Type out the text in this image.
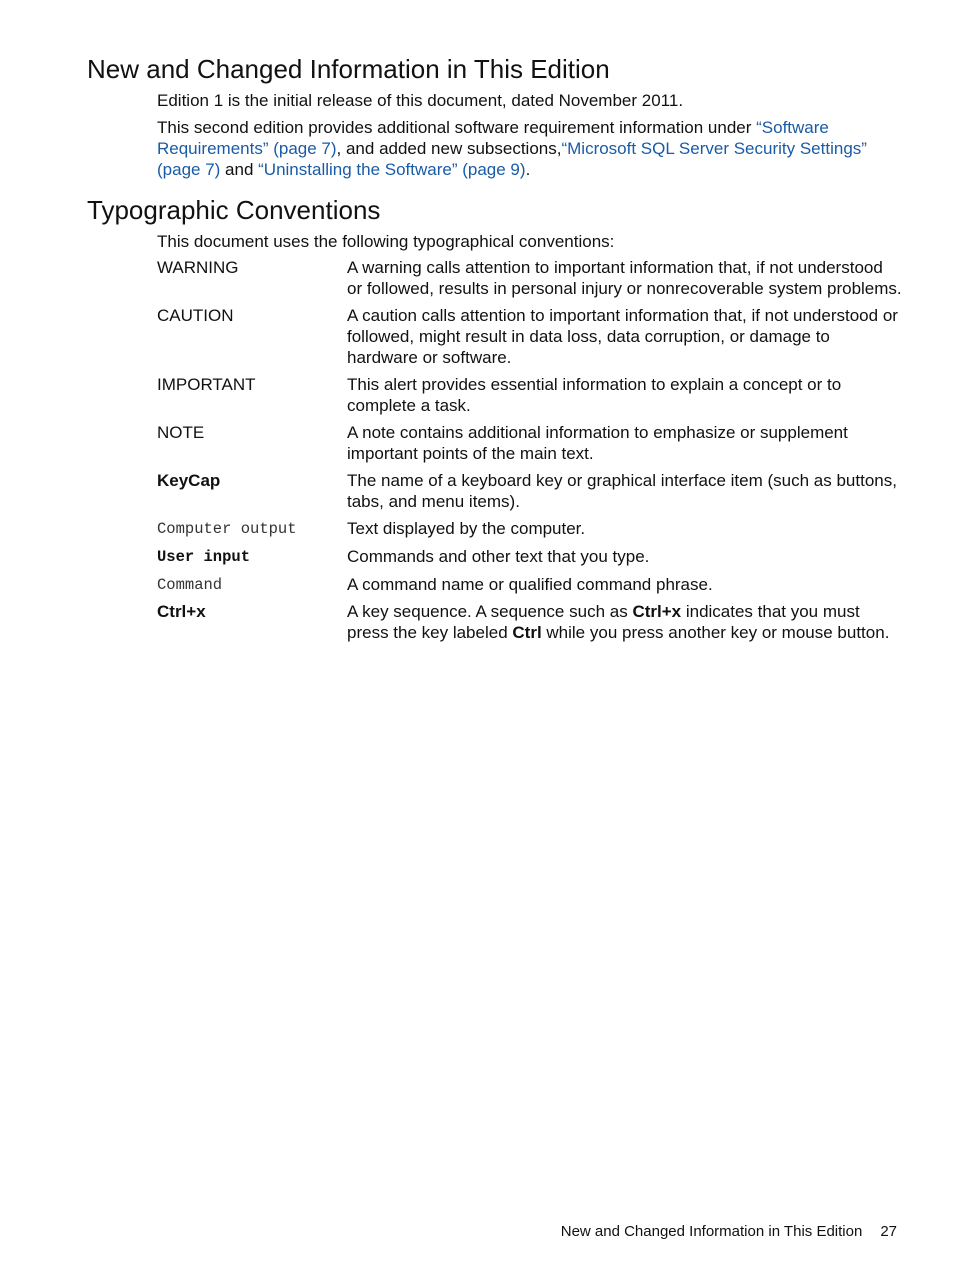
New and Changed Information in This Edition

Edition 1 is the initial release of this document, dated November 2011.

This second edition provides additional software requirement information under “Software Requirements” (page 7), and added new subsections,“Microsoft SQL Server Security Settings” (page 7) and “Uninstalling the Software” (page 9).

Typographic Conventions

This document uses the following typographical conventions:

WARNING	A warning calls attention to important information that, if not understood or followed, results in personal injury or nonrecoverable system problems.

CAUTION	A caution calls attention to important information that, if not understood or followed, might result in data loss, data corruption, or damage to hardware or software.

IMPORTANT	This alert provides essential information to explain a concept or to complete a task.

NOTE	A note contains additional information to emphasize or supplement important points of the main text.

KeyCap	The name of a keyboard key or graphical interface item (such as buttons, tabs, and menu items).

Computer output	Text displayed by the computer.

User input	Commands and other text that you type.

Command	A command name or qualified command phrase.

Ctrl+x	A key sequence. A sequence such as Ctrl+x indicates that you must press the key labeled Ctrl while you press another key or mouse button.

New and Changed Information in This Edition 27
